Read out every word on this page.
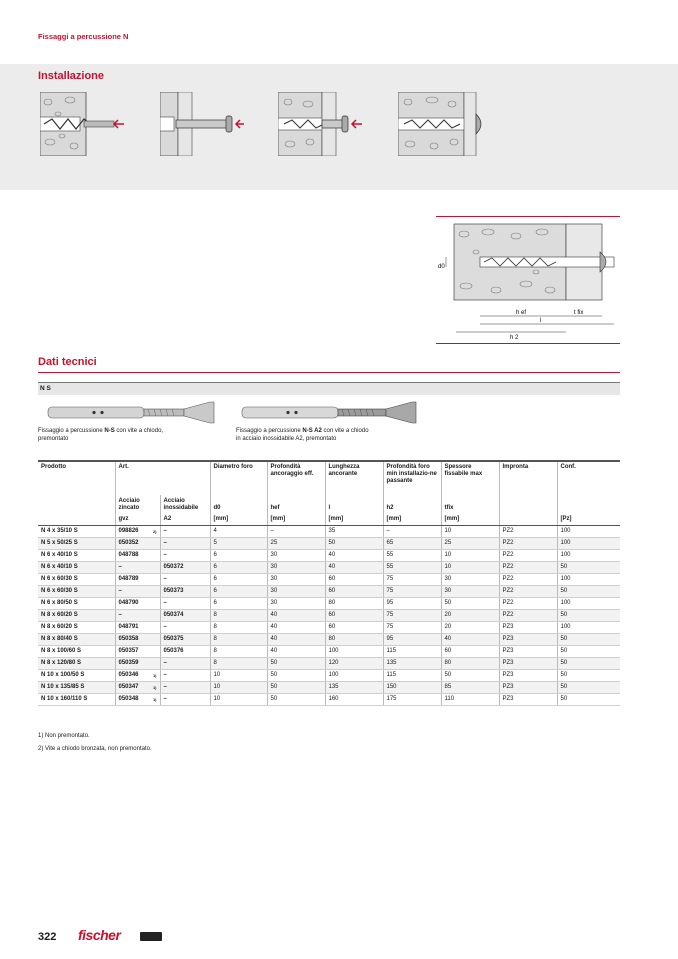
Fissaggi a percussione N
Installazione
d0
h ef	t fix
l
h 2
Dati tecnici
N S
Fissaggio a percussione N-S con vite a chiodo, premontato
Fissaggio a percussione N-S A2 con vite a chiodo in acciaio inossidabile A2, premontato
Prodotto	Art.		Diametro foro	Profondità ancoraggio eff.	Lunghezza ancorante	Profondità foro min installazio-ne passante	Spessore fissabile max	Impronta	Conf.
	Acciaio zincato	Acciaio inossidabile	d0	hef	l	h2	tfix		
	gvz	A2	[mm]	[mm]	[mm]	[mm]	[mm]		[Pz]
N 4 x 35/10 S	098826 2)	–	4	–	35	–	10	PZ2	100
N 5 x 50/25 S	050352	–	5	25	50	65	25	PZ2	100
N 6 x 40/10 S	048788	–	6	30	40	55	10	PZ2	100
N 6 x 40/10 S	–	050372	6	30	40	55	10	PZ2	50
N 6 x 60/30 S	048789	–	6	30	60	75	30	PZ2	100
N 6 x 60/30 S	–	050373	6	30	60	75	30	PZ2	50
N 6 x 80/50 S	048790	–	6	30	80	95	50	PZ2	100
N 8 x 60/20 S	–	050374	8	40	60	75	20	PZ2	50
N 8 x 60/20 S	048791	–	8	40	60	75	20	PZ3	100
N 8 x 80/40 S	050358	050375	8	40	80	95	40	PZ3	50
N 8 x 100/60 S	050357	050376	8	40	100	115	60	PZ3	50
N 8 x 120/80 S	050359	–	8	50	120	135	80	PZ3	50
N 10 x 100/50 S	050346 1)	–	10	50	100	115	50	PZ3	50
N 10 x 135/85 S	050347 1)	–	10	50	135	150	85	PZ3	50
N 10 x 160/110 S	050348 1)	–	10	50	160	175	110	PZ3	50
1) Non premontato.
2) Vite a chiodo bronzata, non premontato.
322 fischer
